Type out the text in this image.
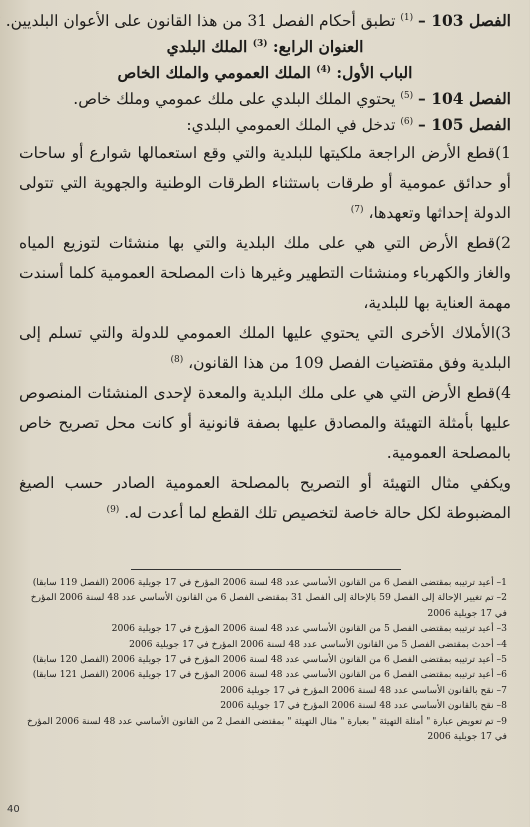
الفصل 103 – $^{(1)}$ تطبق أحكام الفصل 31 من هذا القانون على الأعوان البلديين.

العنوان الرابع: $^{(3)}$ الملك البلدي

الباب الأول: $^{(4)}$ الملك العمومي والملك الخاص

الفصل 104 – $^{(5)}$ يحتوي الملك البلدي على ملك عمومي وملك خاص.

الفصل 105 – $^{(6)}$ تدخل في الملك العمومي البلدي:

1)قطع الأرض الراجعة ملكيتها للبلدية والتي وقع استعمالها شوارع أو ساحات أو حدائق عمومية أو طرقات باستثناء الطرقات الوطنية والجهوية التي تتولى الدولة إحداثها وتعهدها، $^{(7)}$

2)قطع الأرض التي هي على ملك البلدية والتي بها منشئات لتوزيع المياه والغاز والكهرباء ومنشئات التطهير وغيرها ذات المصلحة العمومية كلما أسندت مهمة العناية بها للبلدية،

3)الأملاك الأخرى التي يحتوي عليها الملك العمومي للدولة والتي تسلم إلى البلدية وفق مقتضيات الفصل 109 من هذا القانون، $^{(8)}$

4)قطع الأرض التي هي على ملك البلدية والمعدة لإحدى المنشئات المنصوص عليها بأمثلة التهيئة والمصادق عليها بصفة قانونية أو كانت محل تصريح خاص بالمصلحة العمومية.

ويكفي مثال التهيئة أو التصريح بالمصلحة العمومية الصادر حسب الصيغ المضبوطة لكل حالة خاصة لتخصيص تلك القطع لما أعدت له. $^{(9)}$

1– أعيد ترتيبه بمقتضى الفصل 6 من القانون الأساسي عدد 48 لسنة 2006 المؤرخ في 17 جويلية 2006 (الفصل 119 سابقا)

2– تم تغيير الإحالة إلى الفصل 59 بالإحالة إلى الفصل 31 بمقتضى الفصل 6 من القانون الأساسي عدد 48 لسنة 2006 المؤرخ

في 17 جويلية 2006

3– أعيد ترتيبه بمقتضى الفصل 5 من القانون الأساسي عدد 48 لسنة 2006 المؤرخ في 17 جويلية 2006

4– أحدث بمقتضى الفصل 5 من القانون الأساسي عدد 48 لسنة 2006 المؤرخ في 17 جويلية 2006

5– أعيد ترتيبه بمقتضى الفصل 6 من القانون الأساسي عدد 48 لسنة 2006 المؤرخ في 17 جويلية 2006 (الفصل 120 سابقا)

6– أعيد ترتيبه بمقتضى الفصل 6 من القانون الأساسي عدد 48 لسنة 2006 المؤرخ في 17 جويلية 2006 (الفصل 121 سابقا)

7– نقح بالقانون الأساسي عدد 48 لسنة 2006 المؤرخ في 17 جويلية 2006

8– نقح بالقانون الأساسي عدد 48 لسنة 2006 المؤرخ في 17 جويلية 2006

9– تم تعويض عبارة " أمثلة التهيئة " بعبارة " مثال التهيئة " بمقتضى الفصل 2 من القانون الأساسي عدد 48 لسنة 2006 المؤرخ

في 17 جويلية 2006

40
